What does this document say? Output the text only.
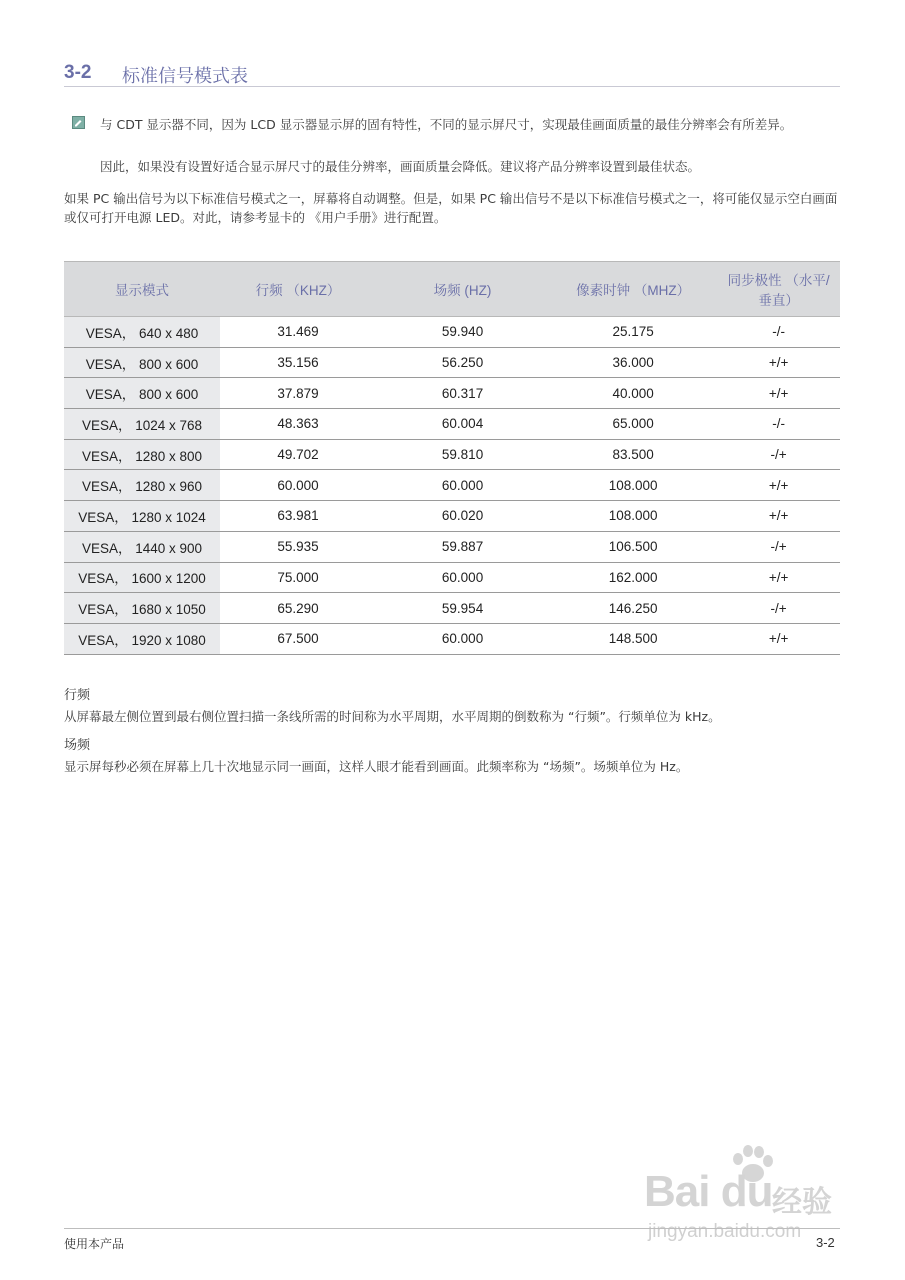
3-2 标准信号模式表
与 CDT 显示器不同，因为 LCD 显示器显示屏的固有特性，不同的显示屏尺寸，实现最佳画面质量的最佳分辨率会有所差异。
因此，如果没有设置好适合显示屏尺寸的最佳分辨率，画面质量会降低。建议将产品分辨率设置到最佳状态。
如果 PC 输出信号为以下标准信号模式之一，屏幕将自动调整。但是，如果 PC 输出信号不是以下标准信号模式之一，将可能仅显示空白画面或仅可打开电源 LED。对此，请参考显卡的 《用户手册》进行配置。
显示模式	行频 （KHZ）	场频 (HZ)	像素时钟 （MHZ）	同步极性 （水平/垂直）
VESA， 640 x 480	31.469	59.940	25.175	-/-
VESA， 800 x 600	35.156	56.250	36.000	+/+
VESA， 800 x 600	37.879	60.317	40.000	+/+
VESA， 1024 x 768	48.363	60.004	65.000	-/-
VESA， 1280 x 800	49.702	59.810	83.500	-/+
VESA， 1280 x 960	60.000	60.000	108.000	+/+
VESA， 1280 x 1024	63.981	60.020	108.000	+/+
VESA， 1440 x 900	55.935	59.887	106.500	-/+
VESA， 1600 x 1200	75.000	60.000	162.000	+/+
VESA， 1680 x 1050	65.290	59.954	146.250	-/+
VESA， 1920 x 1080	67.500	60.000	148.500	+/+
行频
从屏幕最左侧位置到最右侧位置扫描一条线所需的时间称为水平周期，水平周期的倒数称为 “行频”。行频单位为 kHz。
场频
显示屏每秒必须在屏幕上几十次地显示同一画面，这样人眼才能看到画面。此频率称为 “场频”。场频单位为 Hz。
Bai du 经验
jingyan.baidu.com
使用本产品	3-2
